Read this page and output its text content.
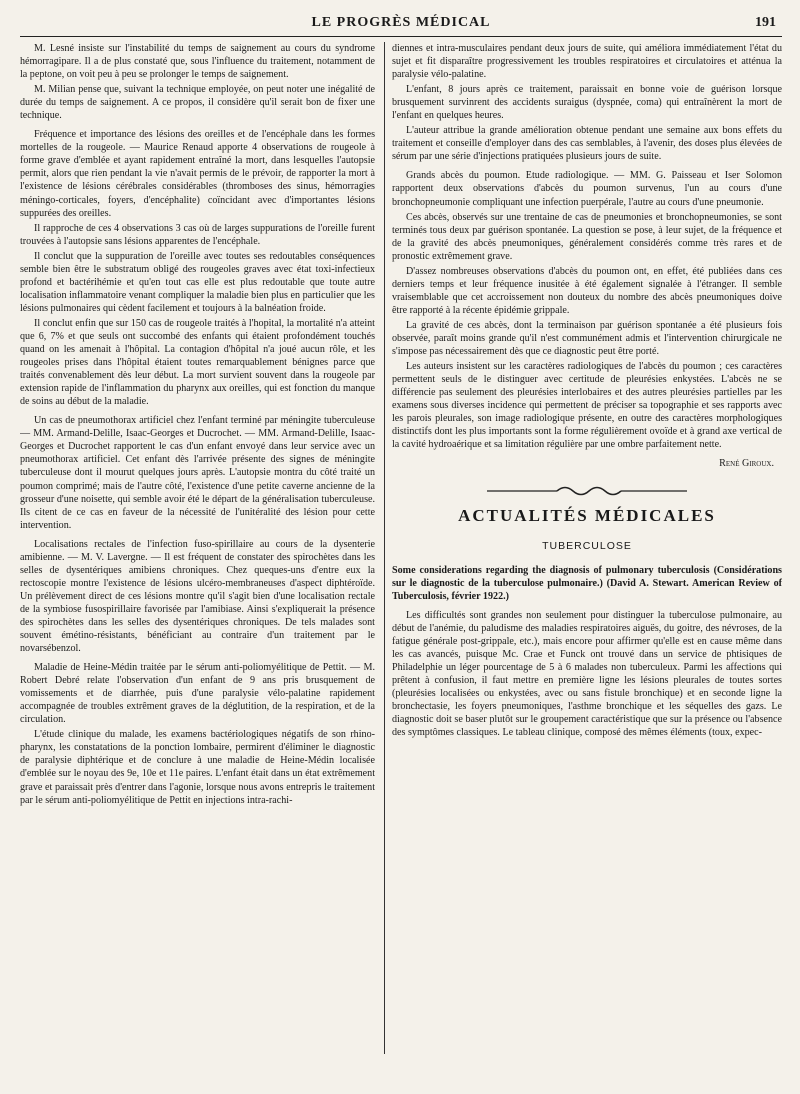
LE PROGRÈS MÉDICAL	191

M. Lesné insiste sur l'instabilité du temps de saignement au cours du syndrome hémorragipare. Il a de plus constaté que, sous l'influence du traitement, notamment de la peptone, on voit peu à peu se prolonger le temps de saignement.

M. Milian pense que, suivant la technique employée, on peut noter une inégalité de durée du temps de saignement. A ce propos, il considère qu'il serait bon de fixer une technique.

Fréquence et importance des lésions des oreilles et de l'encéphale dans les formes mortelles de la rougeole. — Maurice Renaud apporte 4 observations de rougeole à forme grave d'emblée et ayant rapidement entraîné la mort, dans lesquelles l'autopsie permit, alors que rien pendant la vie n'avait permis de le prévoir, de rapporter la mort à l'existence de lésions cérébrales considérables (thromboses des sinus, hémorragies méningo-corticales, foyers, d'encéphalite) coïncidant avec d'importantes lésions suppurées des oreilles.

Il rapproche de ces 4 observations 3 cas où de larges suppurations de l'oreille furent trouvées à l'autopsie sans lésions apparentes de l'encéphale.

Il conclut que la suppuration de l'oreille avec toutes ses redoutables conséquences semble bien être le substratum obligé des rougeoles graves avec état toxi-infectieux profond et bactérihémie et qu'en tout cas elle est plus redoutable que toute autre localisation inflammatoire venant compliquer la maladie bien plus en particulier que les lésions pulmonaires qui cèdent facilement et toujours à la balnéation froide.

Il conclut enfin que sur 150 cas de rougeole traités à l'hopital, la mortalité n'a atteint que 6, 7% et que seuls ont succombé des enfants qui étaient profondément touchés quand on les amenait à l'hôpital. La contagion d'hôpital n'a joué aucun rôle, et les rougeoles prises dans l'hôpital étaient toutes remarquablement bénignes parce que traités convenablement dès leur début. La mort survient souvent dans la rougeole par extension rapide de l'inflammation du pharynx aux oreilles, qui est fonction du manque de soins au début de la maladie.

Un cas de pneumothorax artificiel chez l'enfant terminé par méningite tuberculeuse — MM. Armand-Delille, Isaac-Georges et Ducrochet. — MM. Armand-Delille, Isaac-Georges et Ducrochet rapportent le cas d'un enfant envoyé dans leur service avec un pneumothorax artificiel. Cet enfant dès l'arrivée présente des signes de méningite tuberculeuse dont il mourut quelques jours après. L'autopsie montra du côté traité un poumon comprimé; mais de l'autre côté, l'existence d'une petite caverne ancienne de la grosseur d'une noisette, qui semble avoir été le départ de la généralisation tuberculeuse. Ils citent de ce cas en faveur de la nécessité de l'unitéralité des lésion pour cette intervention.

Localisations rectales de l'infection fuso-spirillaire au cours de la dysenterie amibienne. — M. V. Lavergne. — Il est fréquent de constater des spirochètes dans les selles de dysentériques amibiens chroniques. Chez queques-uns d'entre eux la rectoscopie montre l'existence de lésions ulcéro-membraneuses d'aspect diphtéroïde. Un prélèvement direct de ces lésions montre qu'il s'agit bien d'une localisation rectale de la symbiose fusospirillaire favorisée par l'amibiase. Ainsi s'expliquerait la présence des spirochètes dans les selles des dysentériques chroniques. De tels malades sont souvent émétino-résistants, bénéficiant au contraire d'un traitement par le novarsébenzol.

Maladie de Heine-Médin traitée par le sérum anti-poliomyélitique de Pettit. — M. Robert Debré relate l'observation d'un enfant de 9 ans pris brusquement de vomissements et de diarrhée, puis d'une paralysie vélo-palatine rapidement accompagnée de troubles extrêment graves de la déglutition, de la respiration, et de la circulation.

L'étude clinique du malade, les examens bactériologiques négatifs de son rhino-pharynx, les constatations de la ponction lombaire, permirent d'éliminer le diagnostic de paralysie diphtérique et de conclure à une maladie de Heine-Médin localisée d'emblée sur le noyau des 9e, 10e et 11e paires. L'enfant était dans un état extrêmement grave et paraissait près d'entrer dans l'agonie, lorsque nous avons entrepris le traitement par le sérum anti-poliomyélitique de Pettit en injections intra-rachi-

diennes et intra-musculaires pendant deux jours de suite, qui améliora immédiatement l'état du sujet et fit disparaître progressivement les troubles respiratoires et circulatoires et atténua la paralysie vélo-palatine.

L'enfant, 8 jours après ce traitement, paraissait en bonne voie de guérison lorsque brusquement survinrent des accidents suraigus (dyspnée, coma) qui entraînèrent la mort de l'enfant en quelques heures.

L'auteur attribue la grande amélioration obtenue pendant une semaine aux bons effets du traitement et conseille d'employer dans des cas semblables, à l'avenir, des doses plus élevées de sérum par une série d'injections pratiquées plusieurs jours de suite.

Grands abcès du poumon. Etude radiologique. — MM. G. Paisseau et Iser Solomon rapportent deux observations d'abcès du poumon survenus, l'un au cours d'une bronchopneumonie compliquant une infection puerpérale, l'autre au cours d'une pneumonie.

Ces abcès, observés sur une trentaine de cas de pneumonies et bronchopneumonies, se sont terminés tous deux par guérison spontanée. La question se pose, à leur sujet, de la fréquence et de la gravité des abcès pneumoniques, généralement considérés comme très rares et de pronostic extrêmement grave.

D'assez nombreuses observations d'abcès du poumon ont, en effet, été publiées dans ces derniers temps et leur fréquence inusitée à été également signalée à l'étranger. Il semble vraisemblable que cet accroissement non douteux du nombre des abcès pneumoniques doive être rapporté à la récente épidémie grippale.

La gravité de ces abcès, dont la terminaison par guérison spontanée a été plusieurs fois observée, paraît moins grande qu'il n'est communément admis et l'intervention chirurgicale ne s'impose pas nécessairement dès que ce diagnostic peut être porté.

Les auteurs insistent sur les caractères radiologiques de l'abcès du poumon ; ces caractères permettent seuls de le distinguer avec certitude de pleurésies enkystées. L'abcès ne se différencie pas seulement des pleurésies interlobaires et des autres pleurésies partielles par les examens sous diverses incidence qui permettent de préciser sa topographie et ses rapports avec les parois pleurales, son image radiologique présente, en outre des caractères morphologiques distinctifs dont les plus importants sont la forme régulièrement ovoïde et à grand axe vertical de la cavité hydroaérique et sa limitation régulière par une ombre parfaitement nette.

René Giroux.
ACTUALITÉS MÉDICALES
TUBERCULOSE

Some considerations regarding the diagnosis of pulmonary tuberculosis (Considérations sur le diagnostic de la tuberculose pulmonaire.) (David A. Stewart. American Review of Tuberculosis, février 1922.)

Les difficultés sont grandes non seulement pour distinguer la tuberculose pulmonaire, au début de l'anémie, du paludisme des maladies respiratoires aiguës, du goitre, des névroses, de la fatigue générale post-grippale, etc.), mais encore pour affirmer qu'elle est en cause même dans les cas avancés, puisque Mc. Crae et Funck ont trouvé dans un service de phtisiques de Philadelphie un léger pourcentage de 5 à 6 malades non tuberculeux. Parmi les affections qui prêtent à confusion, il faut mettre en première ligne les lésions pleurales de toutes sortes (pleurésies localisées ou enkystées, avec ou sans fistule bronchique) et en seconde ligne la bronchectasie, les foyers pneumoniques, l'asthme bronchique et les séquelles des gazs. Le diagnostic doit se baser plutôt sur le groupement caractéristique que sur la présence ou l'absence des symptômes classiques. Le tableau clinique, composé des mêmes éléments (toux, expec-
